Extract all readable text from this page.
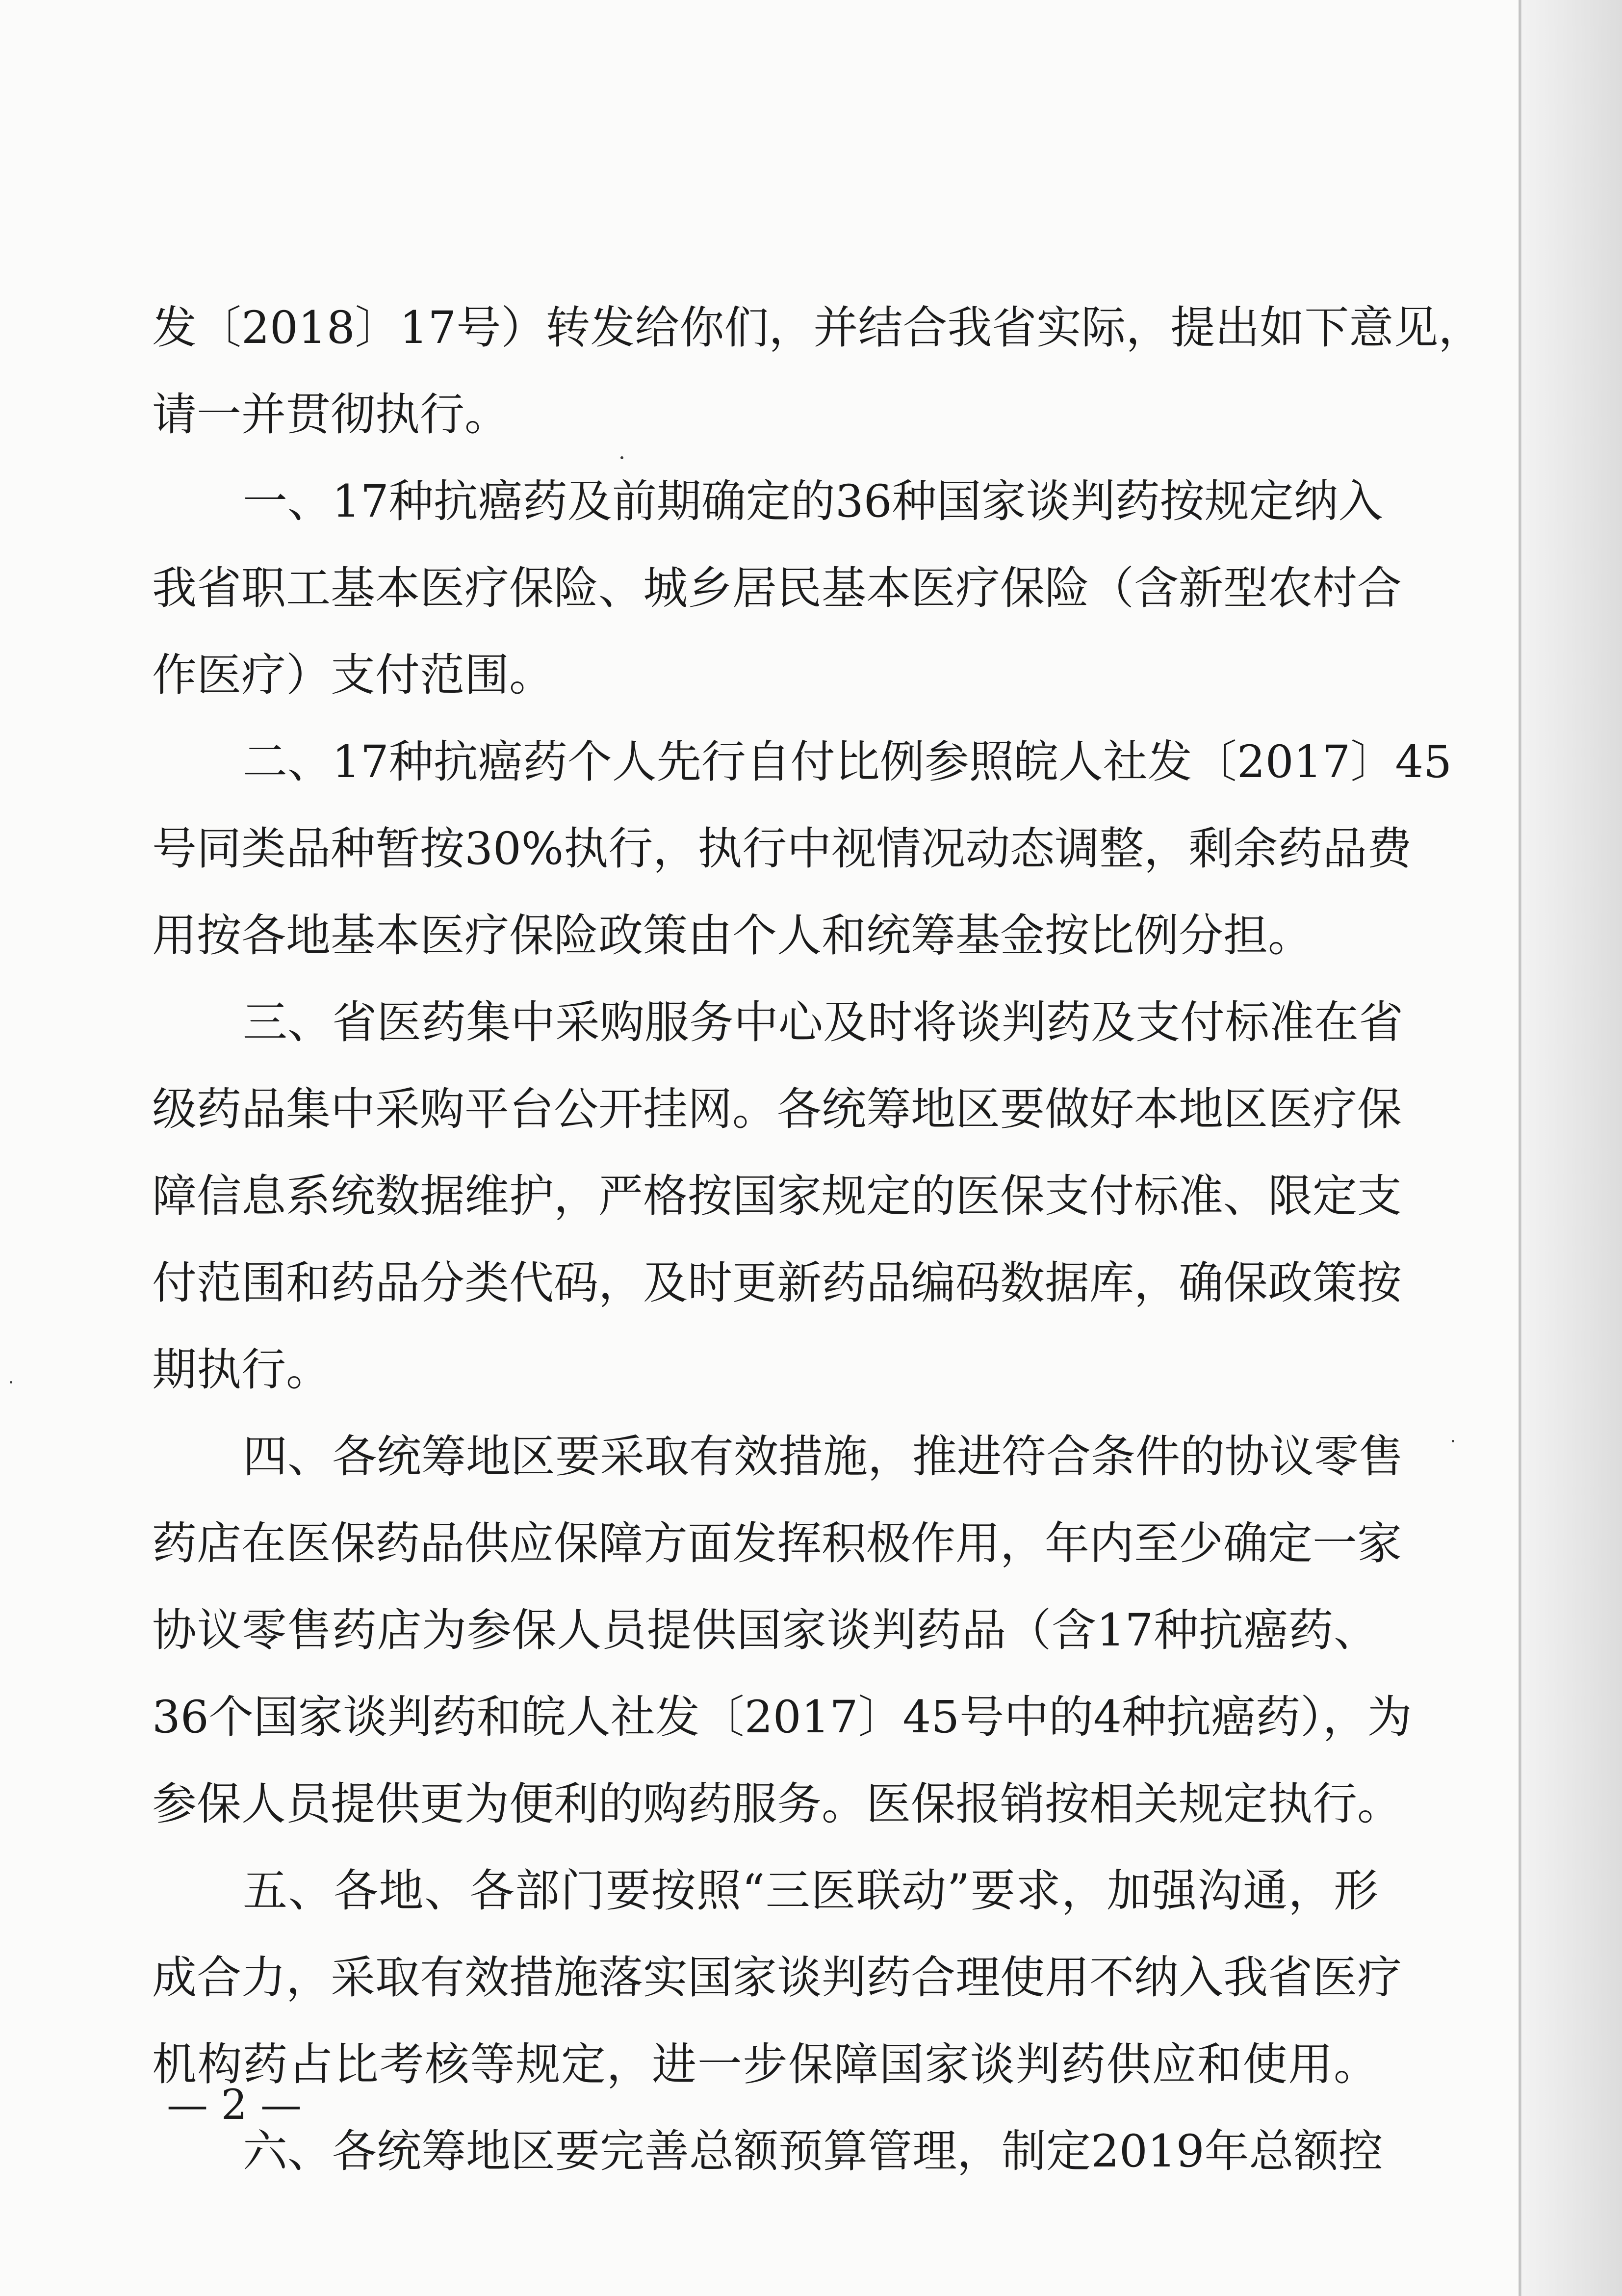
发〔2018〕17号）转发给你们，并结合我省实际，提出如下意见，
请一并贯彻执行。
一、17种抗癌药及前期确定的36种国家谈判药按规定纳入
我省职工基本医疗保险、城乡居民基本医疗保险（含新型农村合
作医疗）支付范围。
二、17种抗癌药个人先行自付比例参照皖人社发〔2017〕45
号同类品种暂按30%执行，执行中视情况动态调整，剩余药品费
用按各地基本医疗保险政策由个人和统筹基金按比例分担。
三、省医药集中采购服务中心及时将谈判药及支付标准在省
级药品集中采购平台公开挂网。各统筹地区要做好本地区医疗保
障信息系统数据维护，严格按国家规定的医保支付标准、限定支
付范围和药品分类代码，及时更新药品编码数据库，确保政策按
期执行。
四、各统筹地区要采取有效措施，推进符合条件的协议零售
药店在医保药品供应保障方面发挥积极作用，年内至少确定一家
协议零售药店为参保人员提供国家谈判药品（含17种抗癌药、
36个国家谈判药和皖人社发〔2017〕45号中的4种抗癌药），为
参保人员提供更为便利的购药服务。医保报销按相关规定执行。
五、各地、各部门要按照“三医联动”要求，加强沟通，形
成合力，采取有效措施落实国家谈判药合理使用不纳入我省医疗
机构药占比考核等规定，进一步保障国家谈判药供应和使用。
六、各统筹地区要完善总额预算管理，制定2019年总额控
— 2 —
